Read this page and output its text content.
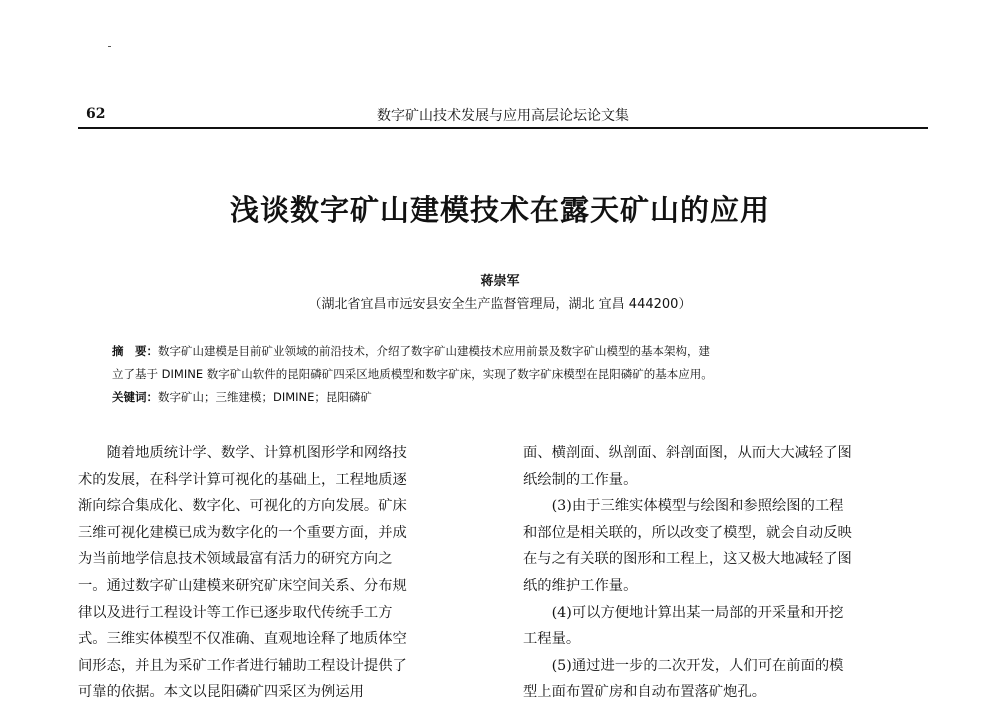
62	数字矿山技术发展与应用高层论坛论文集
浅谈数字矿山建模技术在露天矿山的应用
蒋崇军
（湖北省宜昌市远安县安全生产监督管理局，湖北 宜昌 444200）
摘　要：数字矿山建模是目前矿业领域的前沿技术，介绍了数字矿山建模技术应用前景及数字矿山模型的基本架构，建
立了基于 DIMINE 数字矿山软件的昆阳磷矿四采区地质模型和数字矿床，实现了数字矿床模型在昆阳磷矿的基本应用。
关键词：数字矿山；三维建模；DIMINE；昆阳磷矿
　　随着地质统计学、数学、计算机图形学和网络技
术的发展，在科学计算可视化的基础上，工程地质逐
渐向综合集成化、数字化、可视化的方向发展。矿床
三维可视化建模已成为数字化的一个重要方面，并成
为当前地学信息技术领域最富有活力的研究方向之
一。通过数字矿山建模来研究矿床空间关系、分布规
律以及进行工程设计等工作已逐步取代传统手工方
式。三维实体模型不仅准确、直观地诠释了地质体空
间形态，并且为采矿工作者进行辅助工程设计提供了
可靠的依据。本文以昆阳磷矿四采区为例运用
面、横剖面、纵剖面、斜剖面图，从而大大减轻了图
纸绘制的工作量。
　　(3)由于三维实体模型与绘图和参照绘图的工程
和部位是相关联的，所以改变了模型，就会自动反映
在与之有关联的图形和工程上，这又极大地减轻了图
纸的维护工作量。
　　(4)可以方便地计算出某一局部的开采量和开挖
工程量。
　　(5)通过进一步的二次开发，人们可在前面的模
型上面布置矿房和自动布置落矿炮孔。
